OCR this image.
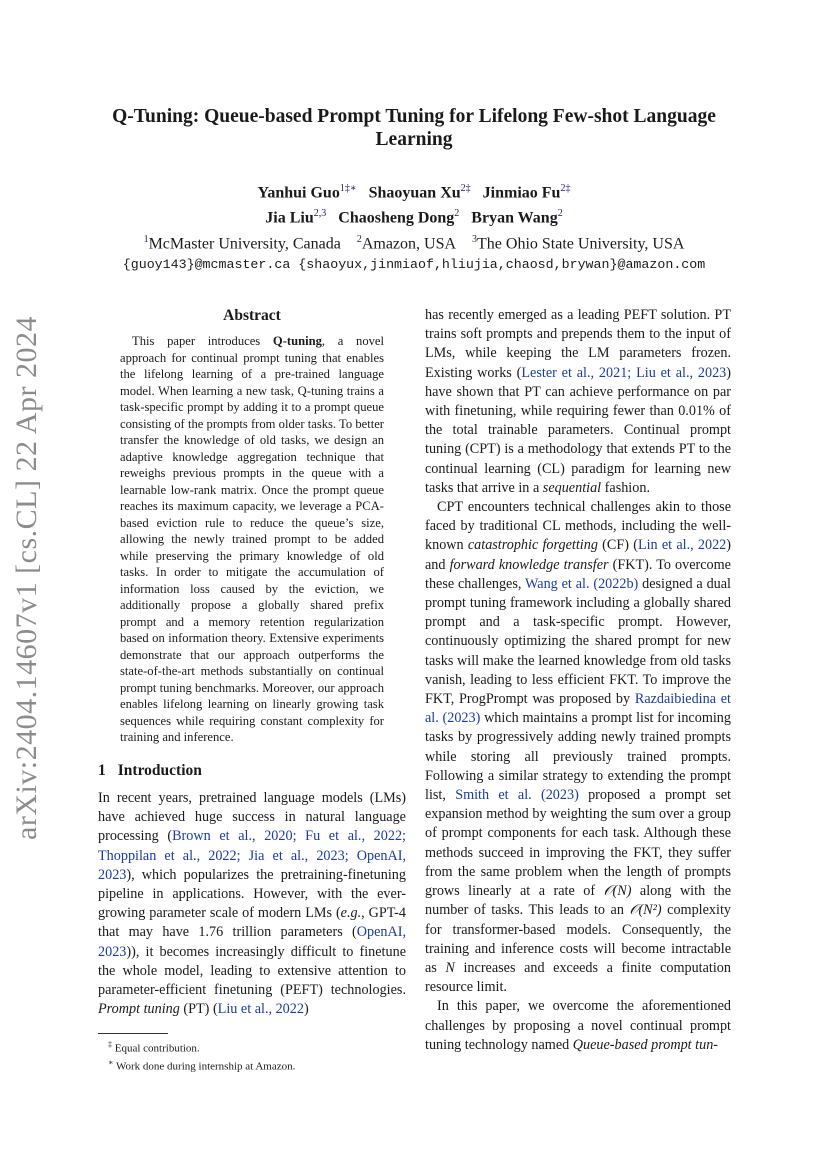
arXiv:2404.14607v1 [cs.CL] 22 Apr 2024
Q-Tuning: Queue-based Prompt Tuning for Lifelong Few-shot Language
Learning
Yanhui Guo$^{1\ddagger∗}$ Shaoyuan $Xu^{2\ddagger}$ Jinmiao $Fu^{2\ddagger}$
Jia Liu$^{2,3}$ Chaosheng Dong$^2$ Bryan Wang$^2$
$^1$McMaster University, Canada $^2$Amazon, USA $^3$The Ohio State University, USA
{guoy143}@mcmaster.ca {shaoyux,jinmiaof,hliujia,chaosd,brywan}@amazon.com
Abstract

This paper introduces Q-tuning, a novel approach for continual prompt tuning that enables the lifelong learning of a pre-trained language model. When learning a new task, Q-tuning trains a task-specific prompt by adding it to a prompt queue consisting of the prompts from older tasks. To better transfer the knowledge of old tasks, we design an adaptive knowledge aggregation technique that reweighs previous prompts in the queue with a learnable low-rank matrix. Once the prompt queue reaches its maximum capacity, we leverage a PCA-based eviction rule to reduce the queue’s size, allowing the newly trained prompt to be added while preserving the primary knowledge of old tasks. In order to mitigate the accumulation of information loss caused by the eviction, we additionally propose a globally shared prefix prompt and a memory retention regularization based on information theory. Extensive experiments demonstrate that our approach outperforms the state-of-the-art methods substantially on continual prompt tuning benchmarks. Moreover, our approach enables lifelong learning on linearly growing task sequences while requiring constant complexity for training and inference.

1 Introduction

In recent years, pretrained language models (LMs) have achieved huge success in natural language processing (Brown et al., 2020; Fu et al., 2022; Thoppilan et al., 2022; Jia et al., 2023; OpenAI, 2023), which popularizes the pretraining-finetuning pipeline in applications. However, with the ever-growing parameter scale of modern LMs (e.g., GPT-4 that may have 1.76 trillion parameters (OpenAI, 2023)), it becomes increasingly difficult to finetune the whole model, leading to extensive attention to parameter-efficient finetuning (PEFT) technologies. Prompt tuning (PT) (Liu et al., 2022)

‡ Equal contribution.
∗ Work done during internship at Amazon.

has recently emerged as a leading PEFT solution. PT trains soft prompts and prepends them to the input of LMs, while keeping the LM parameters frozen. Existing works (Lester et al., 2021; Liu et al., 2023) have shown that PT can achieve performance on par with finetuning, while requiring fewer than 0.01% of the total trainable parameters. Continual prompt tuning (CPT) is a methodology that extends PT to the continual learning (CL) paradigm for learning new tasks that arrive in a sequential fashion.

CPT encounters technical challenges akin to those faced by traditional CL methods, including the well-known catastrophic forgetting (CF) (Lin et al., 2022) and forward knowledge transfer (FKT). To overcome these challenges, Wang et al. (2022b) designed a dual prompt tuning framework including a globally shared prompt and a task-specific prompt. However, continuously optimizing the shared prompt for new tasks will make the learned knowledge from old tasks vanish, leading to less efficient FKT. To improve the FKT, ProgPrompt was proposed by Razdaibiedina et al. (2023) which maintains a prompt list for incoming tasks by progressively adding newly trained prompts while storing all previously trained prompts. Following a similar strategy to extending the prompt list, Smith et al. (2023) proposed a prompt set expansion method by weighting the sum over a group of prompt components for each task. Although these methods succeed in improving the FKT, they suffer from the same problem when the length of prompts grows linearly at a rate of 𝒪(N) along with the number of tasks. This leads to an 𝒪(N²) complexity for transformer-based models. Consequently, the training and inference costs will become intractable as N increases and exceeds a finite computation resource limit.

In this paper, we overcome the aforementioned challenges by proposing a novel continual prompt tuning technology named Queue-based prompt tun-
